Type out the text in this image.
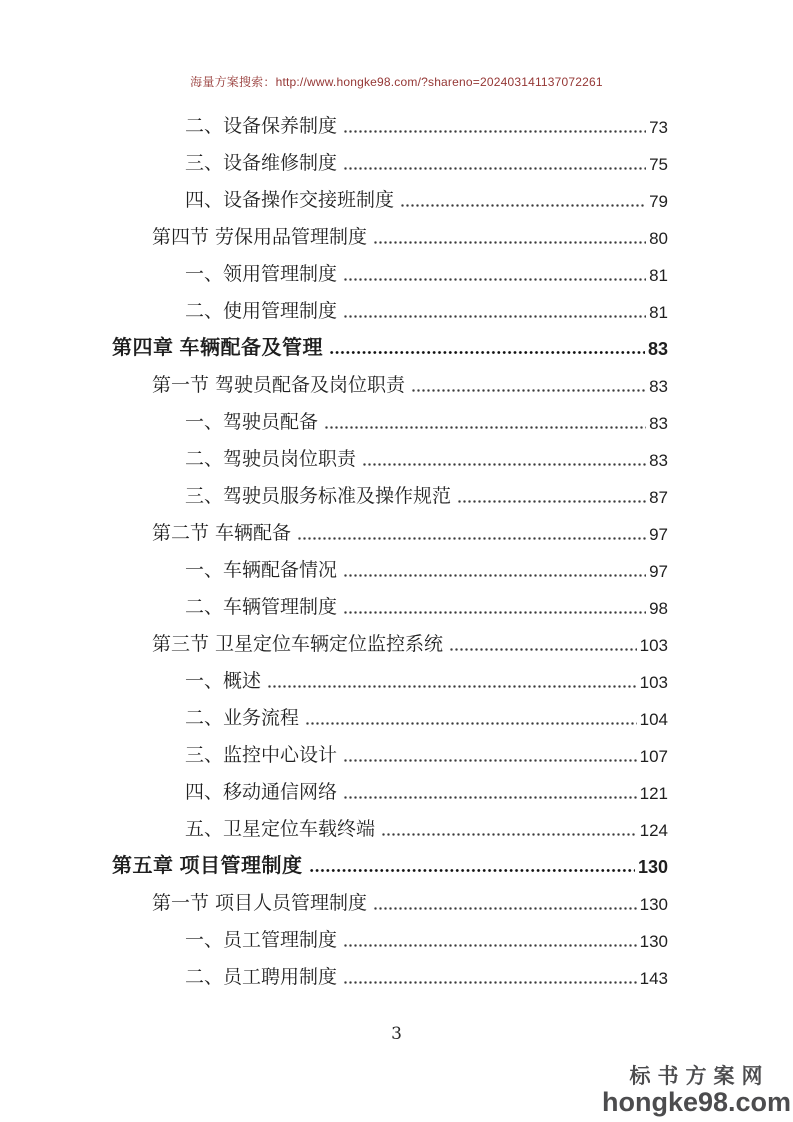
海量方案搜索：http://www.hongke98.com/?shareno=202403141137072261
二、设备保养制度	73
三、设备维修制度	75
四、设备操作交接班制度	79
第四节 劳保用品管理制度	80
一、领用管理制度	81
二、使用管理制度	81
第四章 车辆配备及管理	83
第一节 驾驶员配备及岗位职责	83
一、驾驶员配备	83
二、驾驶员岗位职责	83
三、驾驶员服务标准及操作规范	87
第二节 车辆配备	97
一、车辆配备情况	97
二、车辆管理制度	98
第三节 卫星定位车辆定位监控系统	103
一、概述	103
二、业务流程	104
三、监控中心设计	107
四、移动通信网络	121
五、卫星定位车载终端	124
第五章 项目管理制度	130
第一节 项目人员管理制度	130
一、员工管理制度	130
二、员工聘用制度	143
3
标书方案网
hongke98.com
